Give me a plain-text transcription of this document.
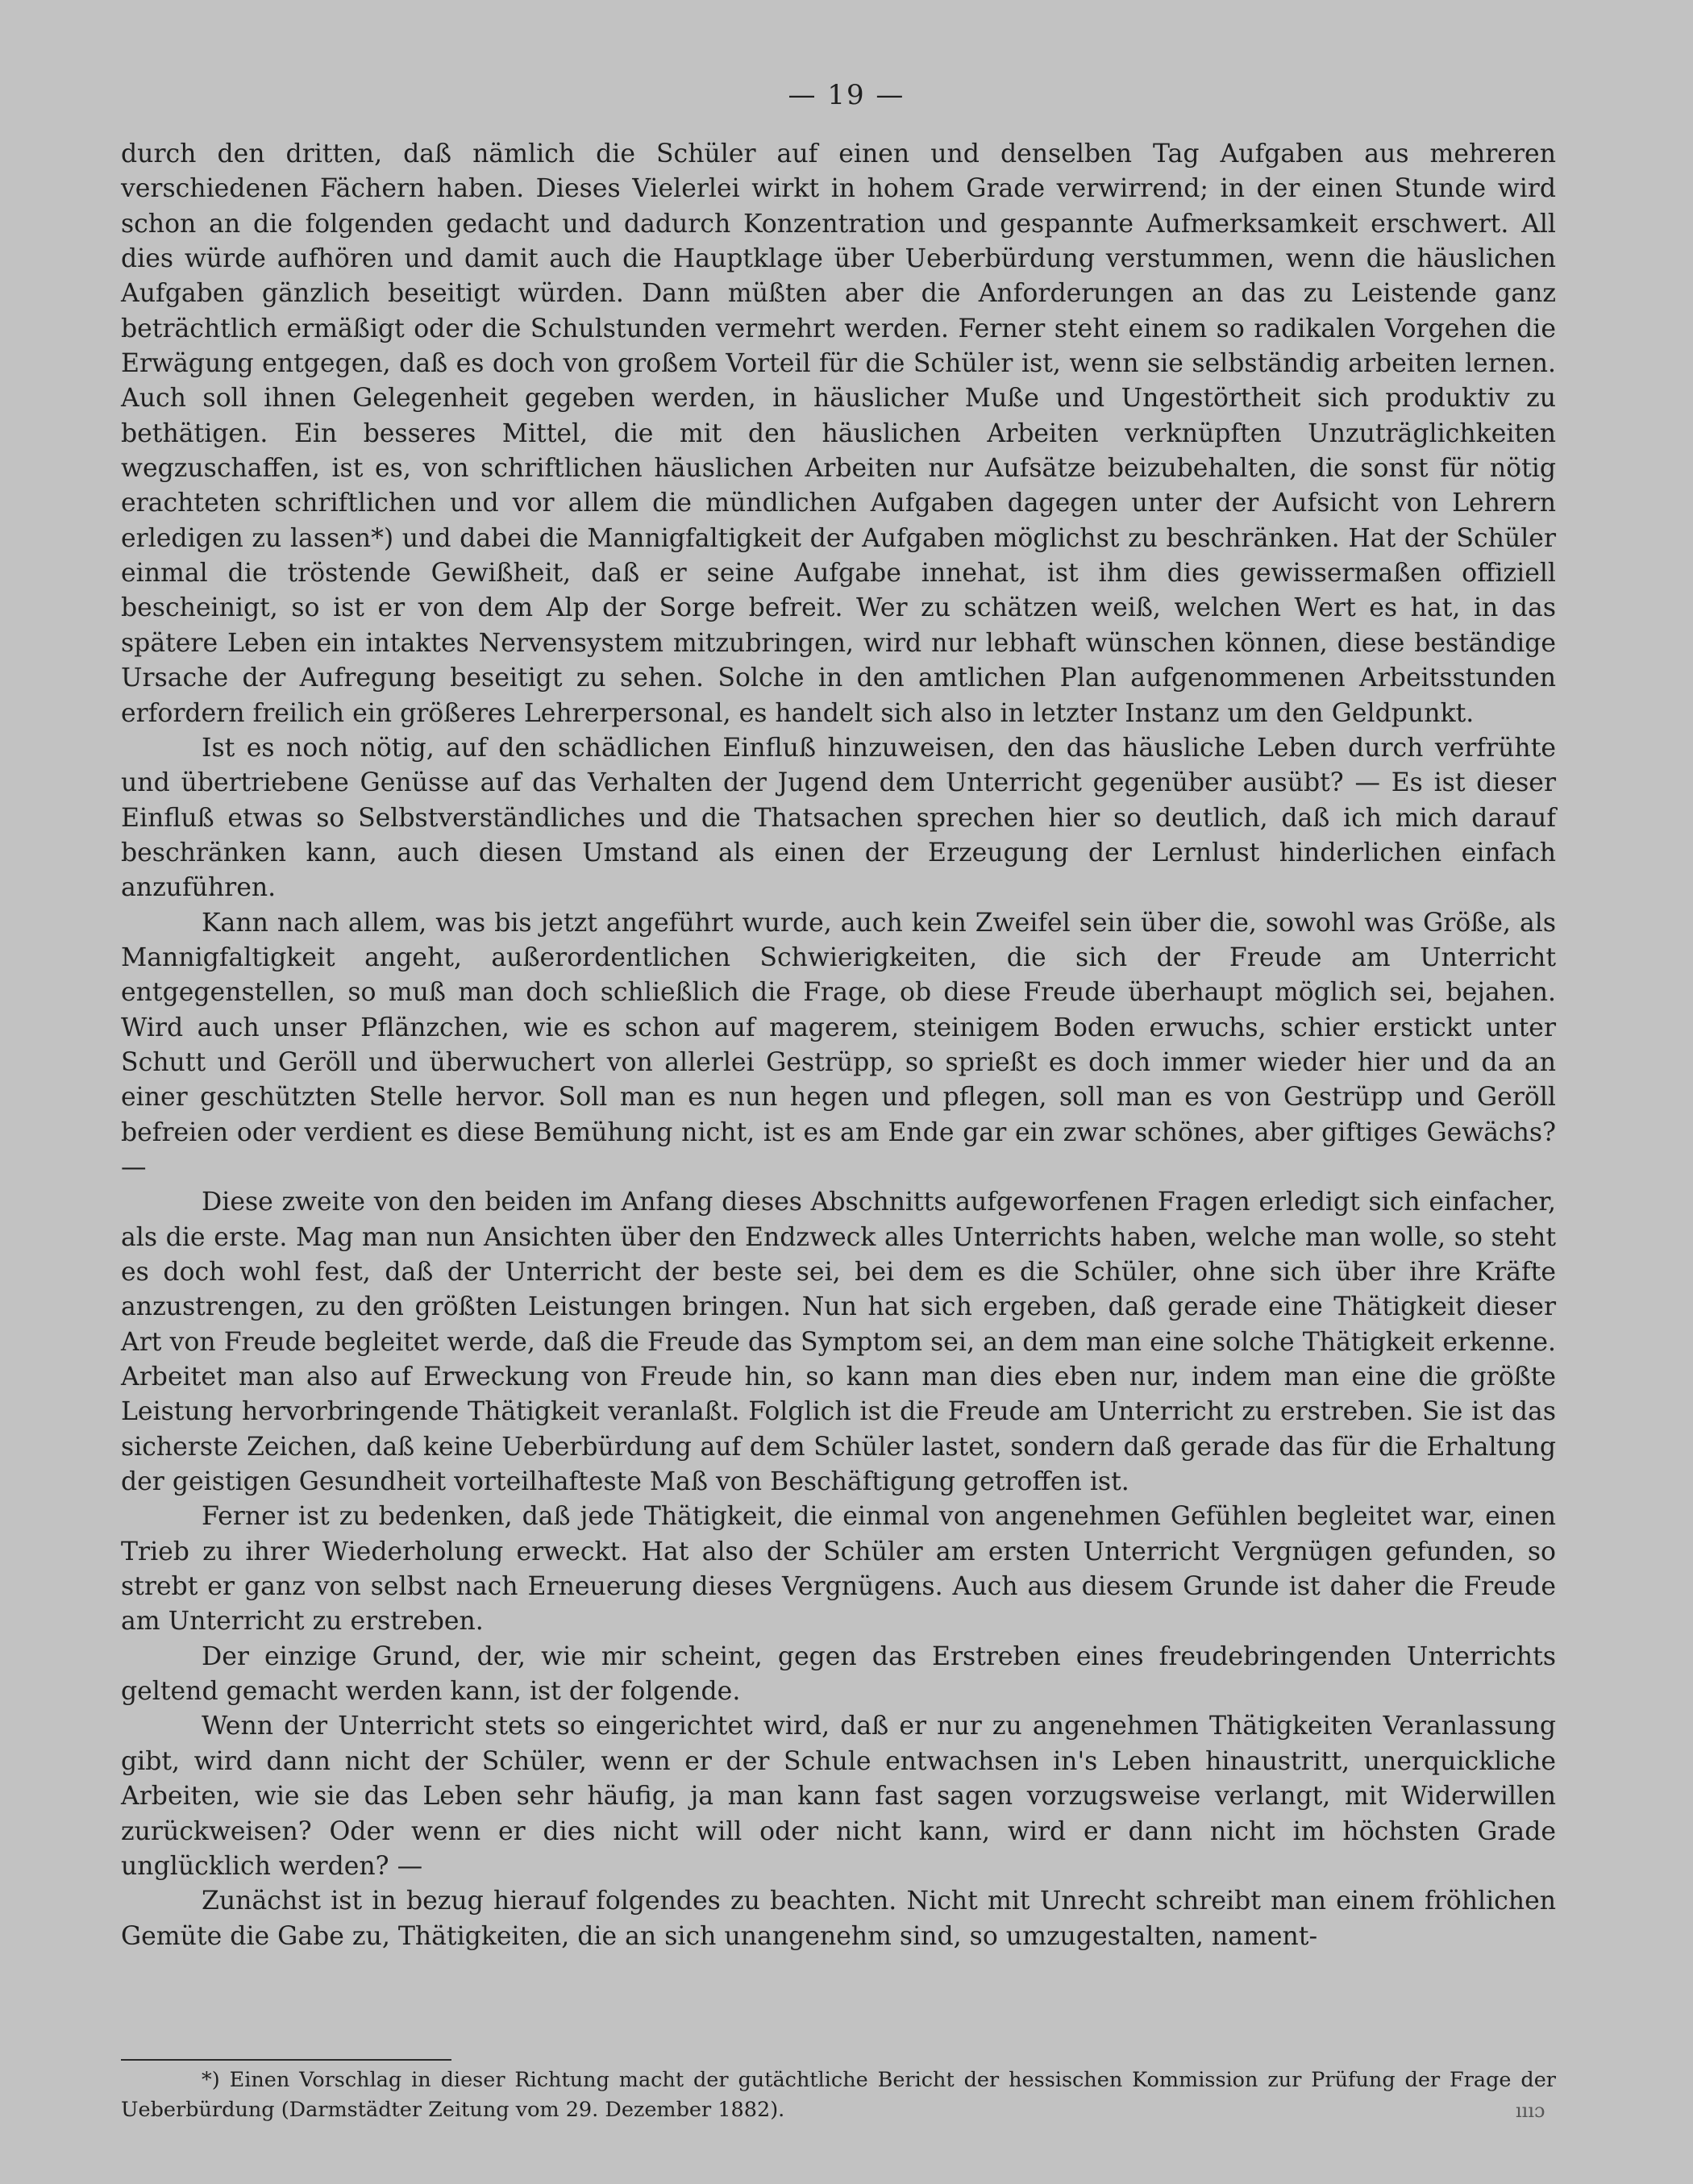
— 19 —

durch den dritten, daß nämlich die Schüler auf einen und denselben Tag Aufgaben aus mehreren verschiedenen Fächern haben. Dieses Vielerlei wirkt in hohem Grade verwirrend; in der einen Stunde wird schon an die folgenden gedacht und dadurch Konzentration und gespannte Aufmerksamkeit erschwert. All dies würde aufhören und damit auch die Hauptklage über Ueberbürdung verstummen, wenn die häuslichen Aufgaben gänzlich beseitigt würden. Dann müßten aber die Anforderungen an das zu Leistende ganz beträchtlich ermäßigt oder die Schulstunden vermehrt werden. Ferner steht einem so radikalen Vorgehen die Erwägung entgegen, daß es doch von großem Vorteil für die Schüler ist, wenn sie selbständig arbeiten lernen. Auch soll ihnen Gelegenheit gegeben werden, in häuslicher Muße und Ungestörtheit sich produktiv zu bethätigen. Ein besseres Mittel, die mit den häuslichen Arbeiten verknüpften Unzuträglichkeiten wegzuschaffen, ist es, von schriftlichen häuslichen Arbeiten nur Aufsätze beizubehalten, die sonst für nötig erachteten schriftlichen und vor allem die mündlichen Aufgaben dagegen unter der Aufsicht von Lehrern erledigen zu lassen*) und dabei die Mannigfaltigkeit der Aufgaben möglichst zu beschränken. Hat der Schüler einmal die tröstende Gewißheit, daß er seine Aufgabe innehat, ist ihm dies gewissermaßen offiziell bescheinigt, so ist er von dem Alp der Sorge befreit. Wer zu schätzen weiß, welchen Wert es hat, in das spätere Leben ein intaktes Nervensystem mitzubringen, wird nur lebhaft wünschen können, diese beständige Ursache der Aufregung beseitigt zu sehen. Solche in den amtlichen Plan aufgenommenen Arbeitsstunden erfordern freilich ein größeres Lehrerpersonal, es handelt sich also in letzter Instanz um den Geldpunkt.

Ist es noch nötig, auf den schädlichen Einfluß hinzuweisen, den das häusliche Leben durch verfrühte und übertriebene Genüsse auf das Verhalten der Jugend dem Unterricht gegenüber ausübt? — Es ist dieser Einfluß etwas so Selbstverständliches und die Thatsachen sprechen hier so deutlich, daß ich mich darauf beschränken kann, auch diesen Umstand als einen der Erzeugung der Lernlust hinderlichen einfach anzuführen.

Kann nach allem, was bis jetzt angeführt wurde, auch kein Zweifel sein über die, sowohl was Größe, als Mannigfaltigkeit angeht, außerordentlichen Schwierigkeiten, die sich der Freude am Unterricht entgegenstellen, so muß man doch schließlich die Frage, ob diese Freude überhaupt möglich sei, bejahen. Wird auch unser Pflänzchen, wie es schon auf magerem, steinigem Boden erwuchs, schier erstickt unter Schutt und Geröll und überwuchert von allerlei Gestrüpp, so sprießt es doch immer wieder hier und da an einer geschützten Stelle hervor. Soll man es nun hegen und pflegen, soll man es von Gestrüpp und Geröll befreien oder verdient es diese Bemühung nicht, ist es am Ende gar ein zwar schönes, aber giftiges Gewächs? —

Diese zweite von den beiden im Anfang dieses Abschnitts aufgeworfenen Fragen erledigt sich einfacher, als die erste. Mag man nun Ansichten über den Endzweck alles Unterrichts haben, welche man wolle, so steht es doch wohl fest, daß der Unterricht der beste sei, bei dem es die Schüler, ohne sich über ihre Kräfte anzustrengen, zu den größten Leistungen bringen. Nun hat sich ergeben, daß gerade eine Thätigkeit dieser Art von Freude begleitet werde, daß die Freude das Symptom sei, an dem man eine solche Thätigkeit erkenne. Arbeitet man also auf Erweckung von Freude hin, so kann man dies eben nur, indem man eine die größte Leistung hervorbringende Thätigkeit veranlaßt. Folglich ist die Freude am Unterricht zu erstreben. Sie ist das sicherste Zeichen, daß keine Ueberbürdung auf dem Schüler lastet, sondern daß gerade das für die Erhaltung der geistigen Gesundheit vorteilhafteste Maß von Beschäftigung getroffen ist.

Ferner ist zu bedenken, daß jede Thätigkeit, die einmal von angenehmen Gefühlen begleitet war, einen Trieb zu ihrer Wiederholung erweckt. Hat also der Schüler am ersten Unterricht Vergnügen gefunden, so strebt er ganz von selbst nach Erneuerung dieses Vergnügens. Auch aus diesem Grunde ist daher die Freude am Unterricht zu erstreben.

Der einzige Grund, der, wie mir scheint, gegen das Erstreben eines freudebringenden Unterrichts geltend gemacht werden kann, ist der folgende.

Wenn der Unterricht stets so eingerichtet wird, daß er nur zu angenehmen Thätigkeiten Veranlassung gibt, wird dann nicht der Schüler, wenn er der Schule entwachsen in's Leben hinaustritt, unerquickliche Arbeiten, wie sie das Leben sehr häufig, ja man kann fast sagen vorzugsweise verlangt, mit Widerwillen zurückweisen? Oder wenn er dies nicht will oder nicht kann, wird er dann nicht im höchsten Grade unglücklich werden? —

Zunächst ist in bezug hierauf folgendes zu beachten. Nicht mit Unrecht schreibt man einem fröhlichen Gemüte die Gabe zu, Thätigkeiten, die an sich unangenehm sind, so umzugestalten, nament-

*) Einen Vorschlag in dieser Richtung macht der gutächtliche Bericht der hessischen Kommission zur Prüfung der Frage der Ueberbürdung (Darmstädter Zeitung vom 29. Dezember 1882).	ıııɔ
